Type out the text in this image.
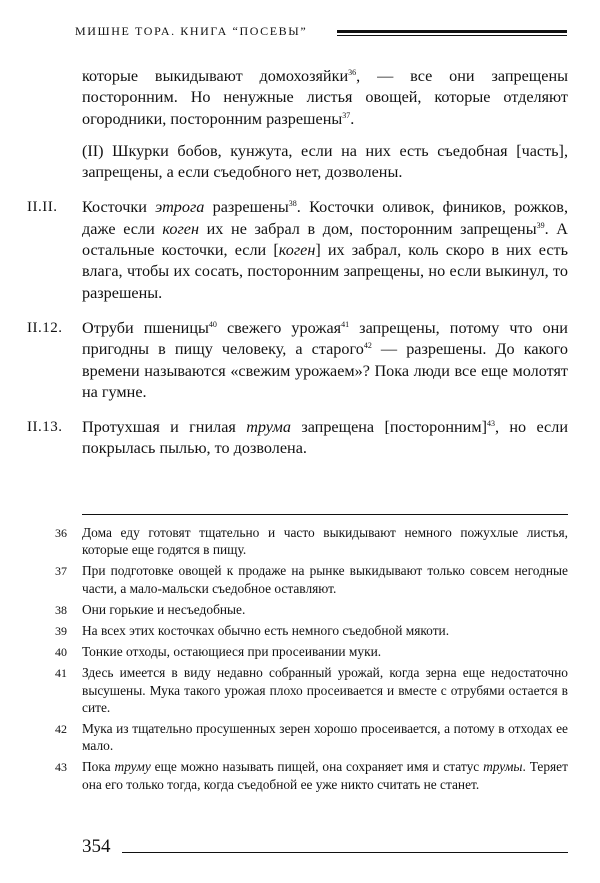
МИШНЕ ТОРА. КНИГА “ПОСЕВЫ”

которые выкидывают домохозяйки$^{36}$, — все они запрещены посторонним. Но ненужные листья овощей, которые отделяют огородники, посторонним разрешены$^{37}$.

(II) Шкурки бобов, кунжута, если на них есть съедобная [часть], запрещены, а если съедобного нет, дозволены.

II.II. Косточки этрога разрешены$^{38}$. Косточки оливок, фиников, рожков, даже если коген их не забрал в дом, посторонним запрещены$^{39}$. А остальные косточки, если [коген] их забрал, коль скоро в них есть влага, чтобы их сосать, посторонним запрещены, но если выкинул, то разрешены.

II.12. Отруби пшеницы$^{40}$ свежего урожая$^{41}$ запрещены, потому что они пригодны в пищу человеку, а старого$^{42}$ — разрешены. До какого времени называются «свежим урожаем»? Пока люди все еще молотят на гумне.

II.13. Протухшая и гнилая трума запрещена [посторонним]$^{43}$, но если покрылась пылью, то дозволена.

36 Дома еду готовят тщательно и часто выкидывают немного пожухлые листья, которые еще годятся в пищу.

37 При подготовке овощей к продаже на рынке выкидывают только совсем негодные части, а мало-мальски съедобное оставляют.

38 Они горькие и несъедобные.

39 На всех этих косточках обычно есть немного съедобной мякоти.

40 Тонкие отходы, остающиеся при просеивании муки.

41 Здесь имеется в виду недавно собранный урожай, когда зерна еще недостаточно высушены. Мука такого урожая плохо просеивается и вместе с отрубями остается в сите.

42 Мука из тщательно просушенных зерен хорошо просеивается, а потому в отходах ее мало.

43 Пока труму еще можно называть пищей, она сохраняет имя и статус трумы. Теряет она его только тогда, когда съедобной ее уже никто считать не станет.

354
